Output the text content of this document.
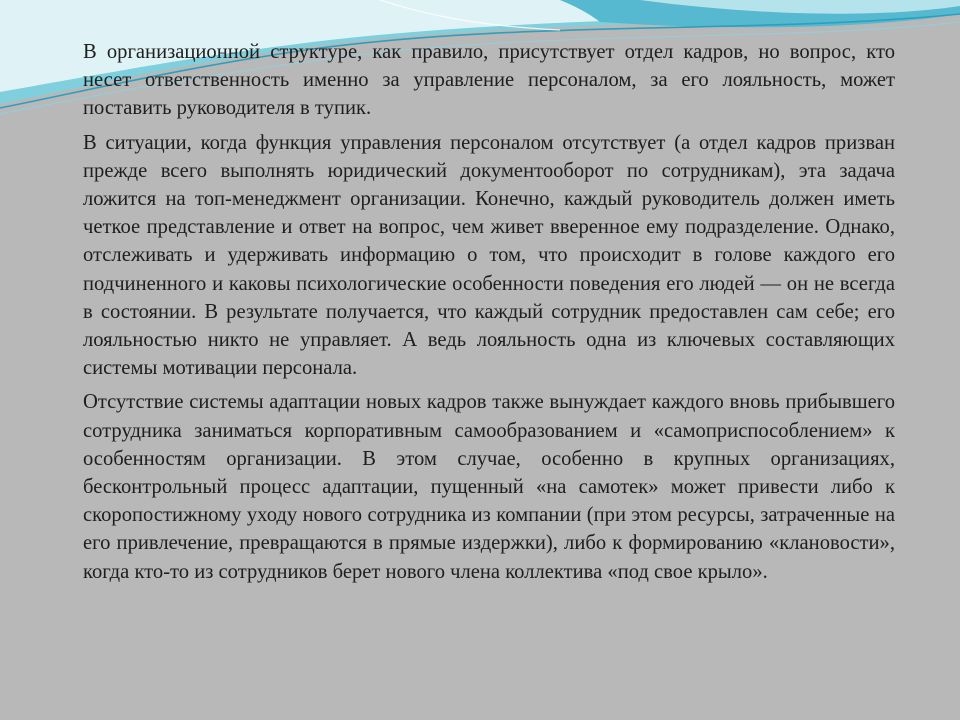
В организационной структуре, как правило, присутствует отдел кадров, но вопрос, кто несет ответственность именно за управление персоналом, за его лояльность, может поставить руководителя в тупик.

В ситуации, когда функция управления персоналом отсутствует (а отдел кадров призван прежде всего выполнять юридический документооборот по сотрудникам), эта задача ложится на топ-менеджмент организации. Конечно, каждый руководитель должен иметь четкое представление и ответ на вопрос, чем живет вверенное ему подразделение. Однако, отслеживать и удерживать информацию о том, что происходит в голове каждого его подчиненного и каковы психологические особенности поведения его людей — он не всегда в состоянии. В результате получается, что каждый сотрудник предоставлен сам себе; его лояльностью никто не управляет. А ведь лояльность одна из ключевых составляющих системы мотивации персонала.

Отсутствие системы адаптации новых кадров также вынуждает каждого вновь прибывшего сотрудника заниматься корпоративным самообразованием и «самоприспособлением» к особенностям организации. В этом случае, особенно в крупных организациях, бесконтрольный процесс адаптации, пущенный «на самотек» может привести либо к скоропостижному уходу нового сотрудника из компании (при этом ресурсы, затраченные на его привлечение, превращаются в прямые издержки), либо к формированию «клановости», когда кто-то из сотрудников берет нового члена коллектива «под свое крыло».
